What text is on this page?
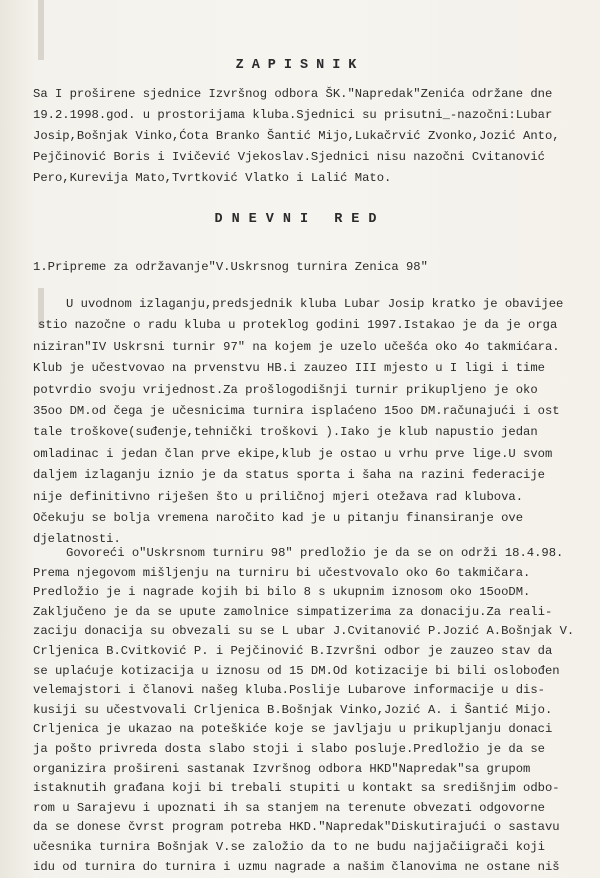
ZAPISNIK
DNEVNI RED
Sa I proširene sjednice Izvršnog odbora ŠK."Napredak"Zenića održane dne
19.2.1998.god. u prostorijama kluba.Sjednici su prisutni_-nazočni:Lubar
Josip,Bošnjak Vinko,Ćota Branko Šantić Mijo,Lukačrvić Zvonko,Jozić Anto,
Pejčinović Boris i Ivičević Vjekoslav.Sjednici nisu nazočni Cvitanović
Pero,Kurevija Mato,Tvrtković Vlatko i Lalić Mato.
1.Pripreme za održavanje"V.Uskrsnog turnira Zenica 98"
U uvodnom izlaganju,predsjednik kluba Lubar Josip kratko je obavijee
stio nazočne o radu kluba u proteklog godini 1997.Istakao je da je orga
niziran"IV Uskrsni turnir 97" na kojem je uzelo učešća oko 4o takmićara.
Klub je učestvovao na prvenstvu HB.i zauzeo III mjesto u I ligi i time
potvrdio svoju vrijednost.Za prošlogodišnji turnir prikupljeno je oko
35oo DM.od čega je učesnicima turnira isplaćeno 15oo DM.računajući i ost
tale troškove(suđenje,tehnički troškovi ).Iako je klub napustio jedan
omladinac i jedan član prve ekipe,klub je ostao u vrhu prve lige.U svom
daljem izlaganju iznio je da status sporta i šaha na razini federacije
nije definitivno riješen što u priličnoj mjeri otežava rad klubova.
Očekuju se bolja vremena naročito kad je u pitanju finansiranje ove
djelatnosti.
Govoreći o"Uskrsnom turniru 98" predložio je da se on održi 18.4.98.
Prema njegovom mišljenju na turniru bi učestvovalo oko 6o takmičara.
Predložio je i nagrade kojih bi bilo 8 s ukupnim iznosom oko 15ooDM.
Zaključeno je da se upute zamolnice simpatizerima za donaciju.Za reali-
zaciju donacija su obvezali su se L ubar J.Cvitanović P.Jozić A.Bošnjak V.
Crljenica B.Cvitković P. i Pejčinović B.Izvršni odbor je zauzeo stav da
se uplaćuje kotizacija u iznosu od 15 DM.Od kotizacije bi bili oslobođen
velemajstori i članovi našeg kluba.Poslije Lubarove informacije u dis-
kusiji su učestvovali Crljenica B.Bošnjak Vinko,Jozić A. i Šantić Mijo.
Crljenica je ukazao na poteškiće koje se javljaju u prikupljanju donaci
ja pošto privreda dosta slabo stoji i slabo posluje.Predložio je da se
organizira prošireni sastanak Izvršnog odbora HKD"Napredak"sa grupom
istaknutih građana koji bi trebali stupiti u kontakt sa središnjim odbo-
rom u Sarajevu i upoznati ih sa stanjem na terenute obvezati odgovorne
da se donese čvrst program potreba HKD."Napredak"Diskutirajući o sastavu
učesnika turnira Bošnjak V.se založio da to ne budu najjačiigrači koji
idu od turnira do turnira i uzmu nagrade a našim članovima ne ostane niš
